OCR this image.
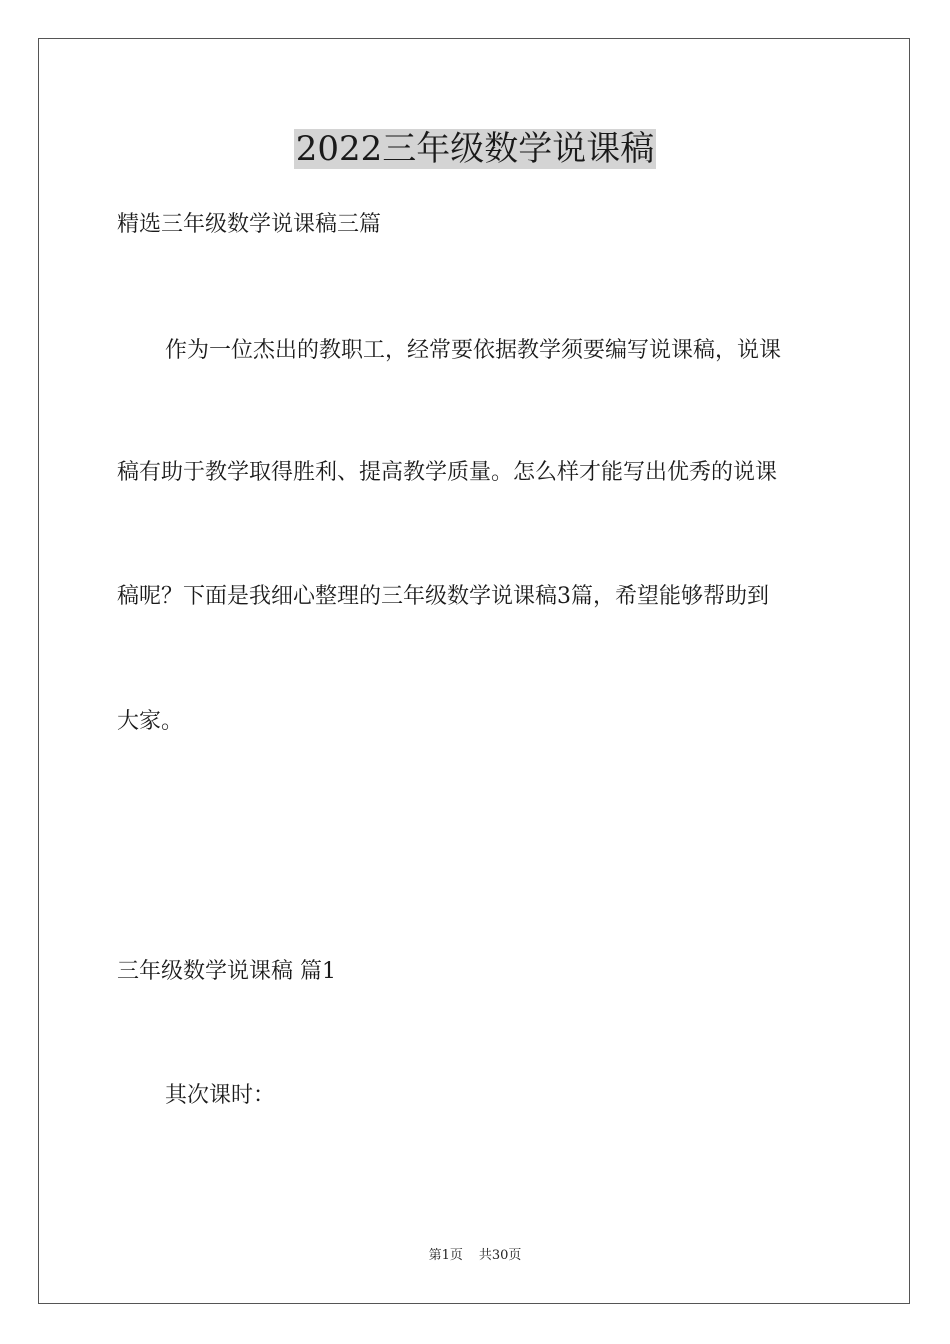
2022三年级数学说课稿

精选三年级数学说课稿三篇

作为一位杰出的教职工，经常要依据教学须要编写说课稿，说课

稿有助于教学取得胜利、提高教学质量。怎么样才能写出优秀的说课

稿呢？下面是我细心整理的三年级数学说课稿3篇，希望能够帮助到

大家。

三年级数学说课稿 篇1

其次课时：

第1页 共30页
